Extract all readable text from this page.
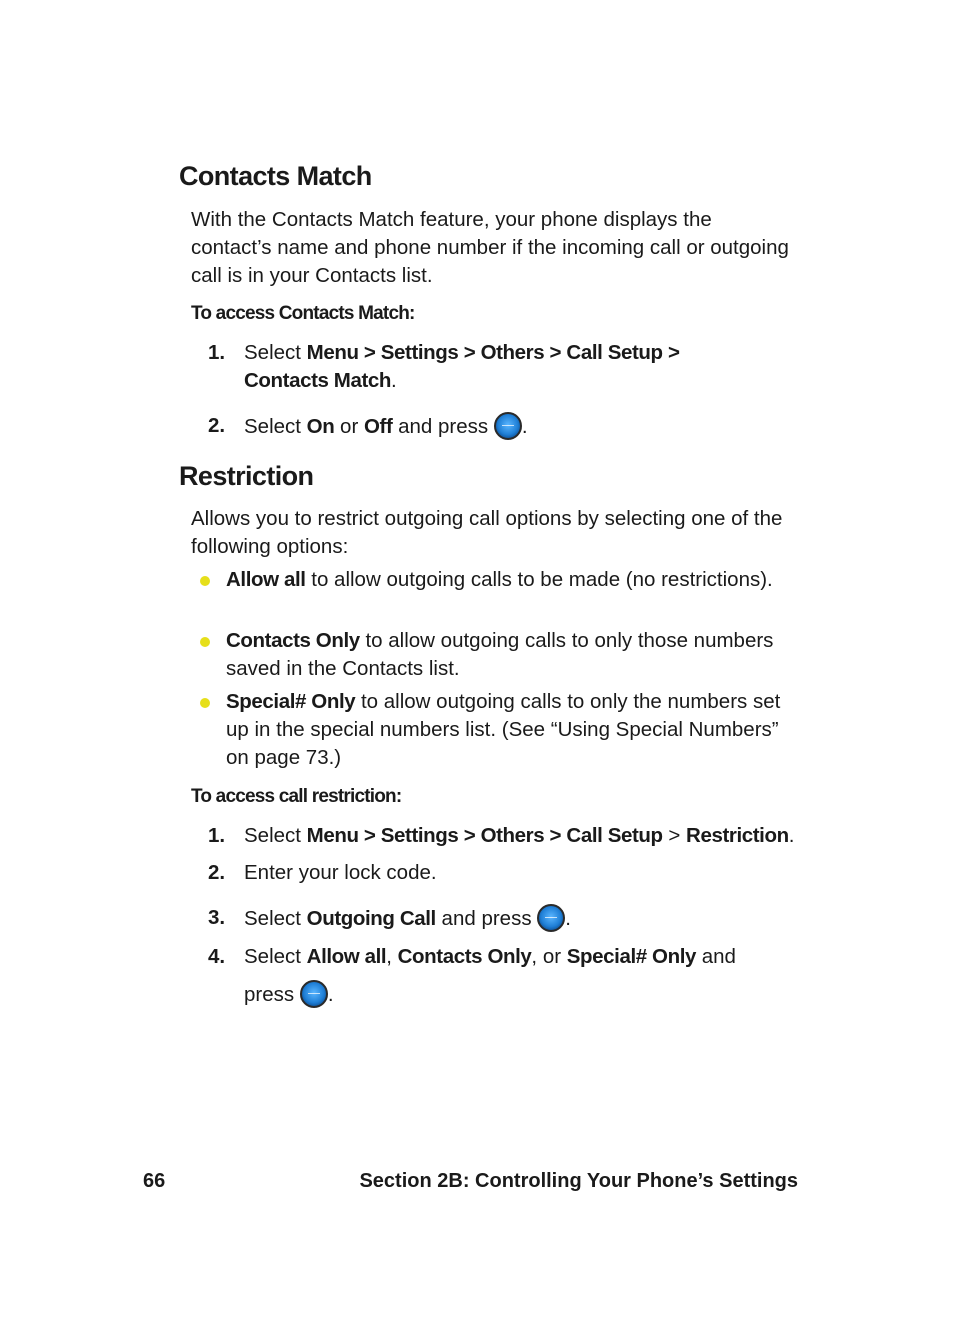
Contacts Match

With the Contacts Match feature, your phone displays the contact’s name and phone number if the incoming call or outgoing call is in your Contacts list.

To access Contacts Match:
1. Select Menu > Settings > Others > Call Setup > Contacts Match.
2. Select On or Off and press .
Restriction

Allows you to restrict outgoing call options by selecting one of the following options:

Allow all to allow outgoing calls to be made (no restrictions).
Contacts Only to allow outgoing calls to only those numbers saved in the Contacts list.
Special# Only to allow outgoing calls to only the numbers set up in the special numbers list. (See “Using Special Numbers” on page 73.)
To access call restriction:
1. Select Menu > Settings > Others > Call Setup > Restriction.
2. Enter your lock code.
3. Select Outgoing Call and press .
4. Select Allow all, Contacts Only, or Special# Only and
press .
66	Section 2B: Controlling Your Phone’s Settings
